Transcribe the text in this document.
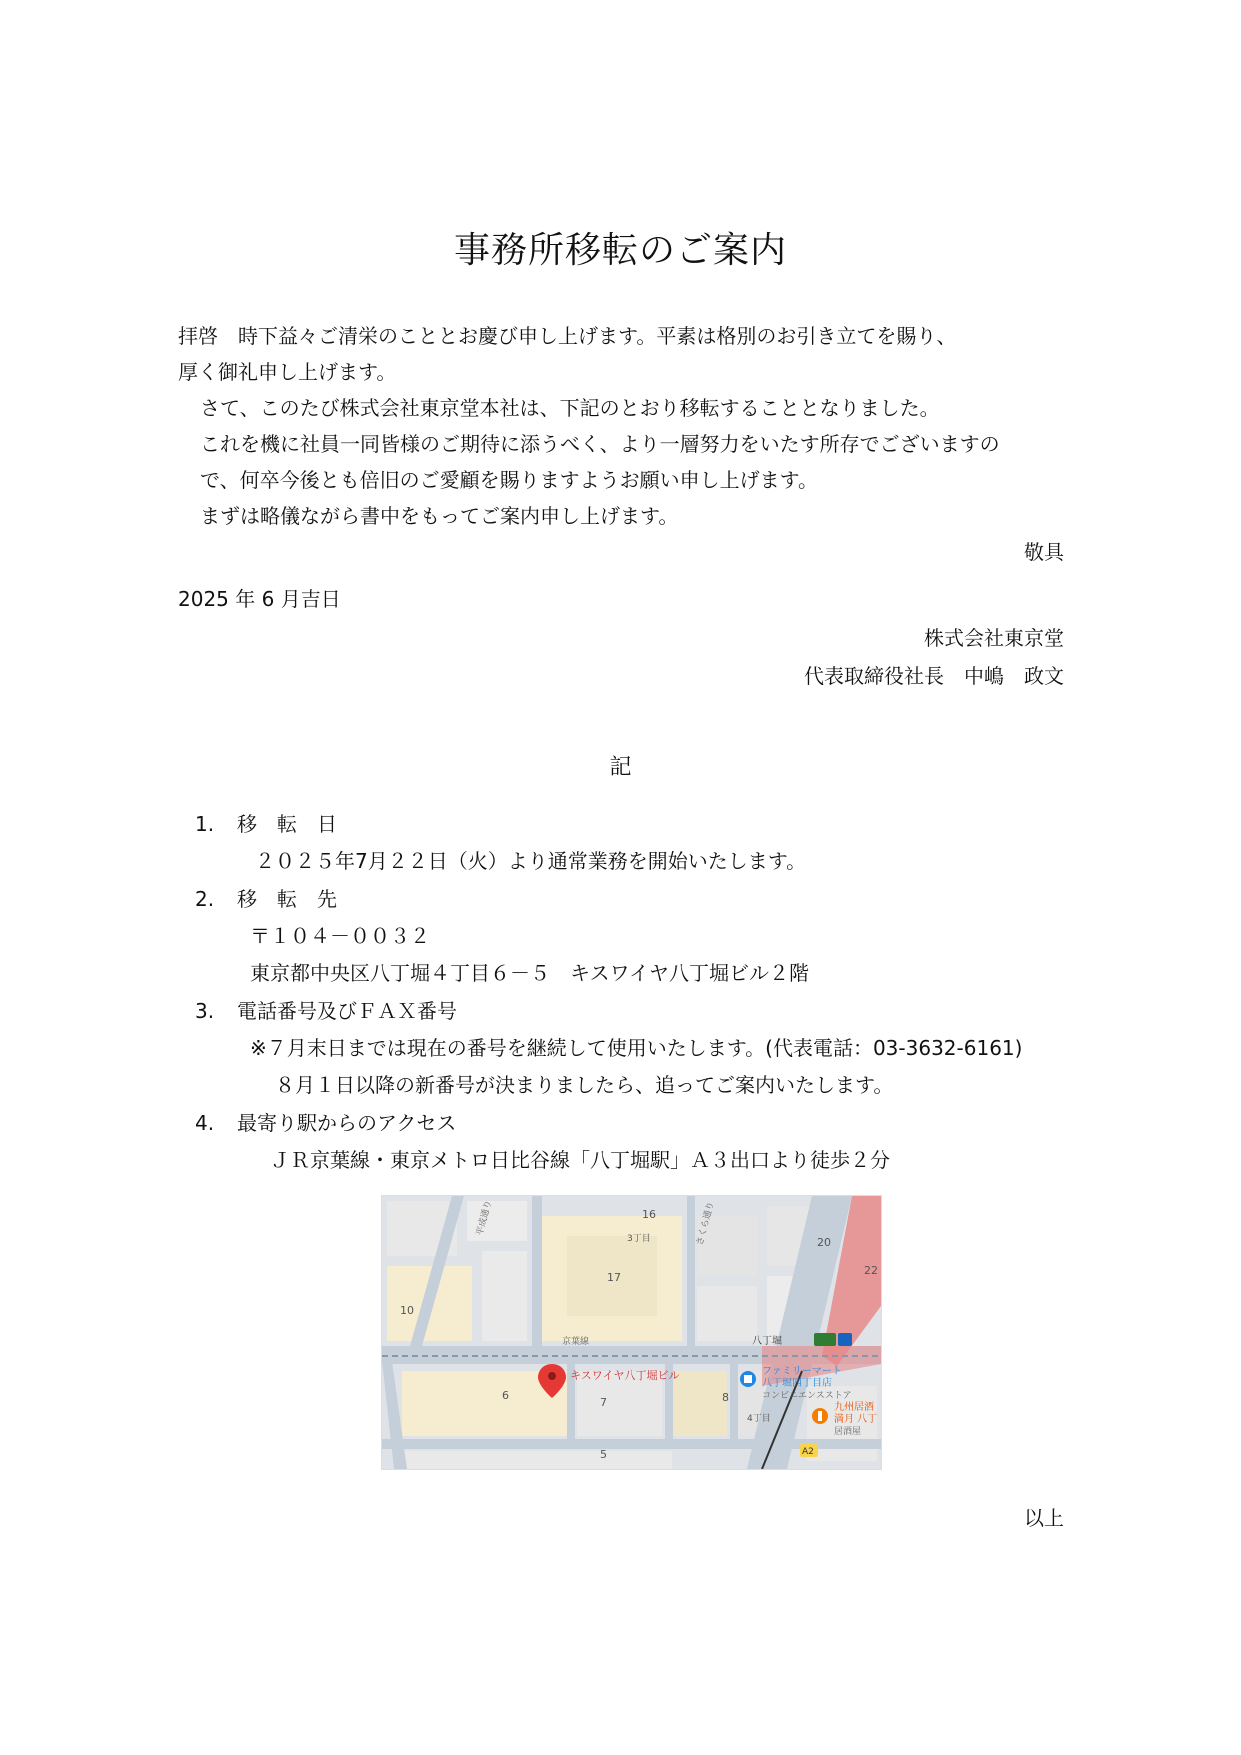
事務所移転のご案内
拝啓　時下益々ご清栄のこととお慶び申し上げます。平素は格別のお引き立てを賜り、
厚く御礼申し上げます。
さて、このたび株式会社東京堂本社は、下記のとおり移転することとなりました。
これを機に社員一同皆様のご期待に添うべく、より一層努力をいたす所存でございますの
で、何卒今後とも倍旧のご愛顧を賜りますようお願い申し上げます。
まずは略儀ながら書中をもってご案内申し上げます。
敬具
2025 年 6 月吉日
株式会社東京堂
代表取締役社長　中嶋　政文
記
1. 移　転　日
２０２５年7月２２日（火）より通常業務を開始いたします。
2. 移　転　先
〒１０４－００３２
東京都中央区八丁堀４丁目６－５　キスワイヤ八丁堀ビル２階
3. 電話番号及びＦＡＸ番号
※７月末日までは現在の番号を継続して使用いたします。(代表電話：03-3632-6161)
８月１日以降の新番号が決まりましたら、追ってご案内いたします。
4. 最寄り駅からのアクセス
ＪＲ京葉線・東京メトロ日比谷線「八丁堀駅」Ａ３出口より徒歩２分
16
17
20
22
10
6
7	8
5
3丁目
4丁目
京葉線	八丁堀
平成通り	さくら通り
キスワイヤ八丁堀ビル	ファミリーマート
八丁堀四丁目店
コンビニエンスストア
九州居酒
満月 八丁
居酒屋
A2
以上
